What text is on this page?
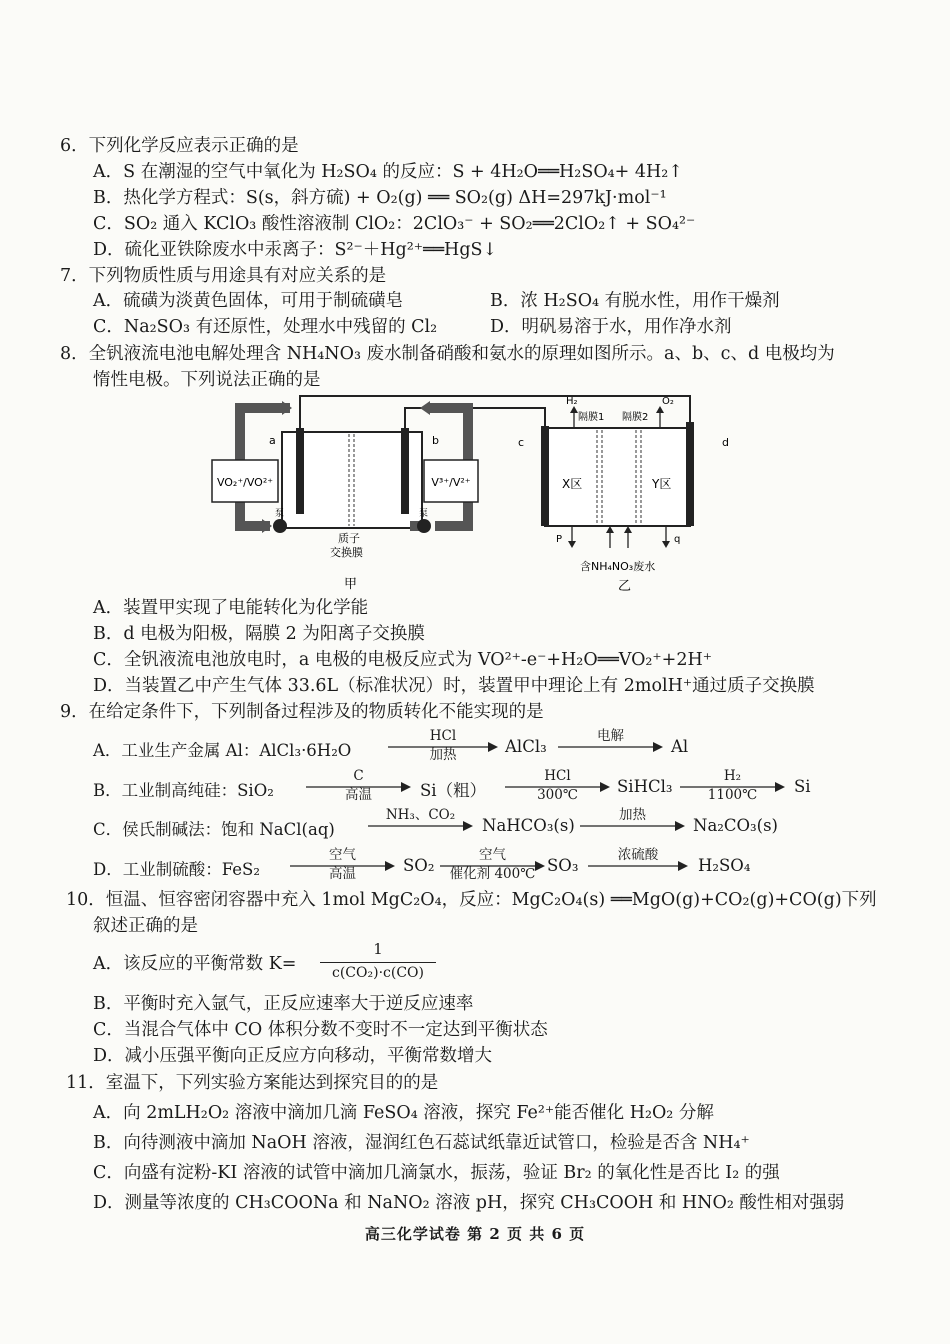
6．下列化学反应表示正确的是
A．S 在潮湿的空气中氧化为 H₂SO₄ 的反应：S + 4H₂O══H₂SO₄+ 4H₂↑
B．热化学方程式：S(s，斜方硫) + O₂(g) ══ SO₂(g) ΔH=297kJ·mol⁻¹
C．SO₂ 通入 KClO₃ 酸性溶液制 ClO₂：2ClO₃⁻ + SO₂══2ClO₂↑ + SO₄²⁻
D．硫化亚铁除废水中汞离子：S²⁻＋Hg²⁺══HgS↓
7．下列物质性质与用途具有对应关系的是
A．硫磺为淡黄色固体，可用于制硫磺皂	B．浓 H₂SO₄ 有脱水性，用作干燥剂
C．Na₂SO₃ 有还原性，处理水中残留的 Cl₂	D．明矾易溶于水，用作净水剂
8．全钒液流电池电解处理含 NH₄NO₃ 废水制备硝酸和氨水的原理如图所示。a、b、c、d 电极均为
惰性电极。下列说法正确的是
VO₂⁺/VO²⁺	V³⁺/V²⁺
泵	泵
a	b
质子
交换膜
甲
H₂	O₂
隔膜1 隔膜2
c	d
X区	Y区
P	q
含NH₄NO₃废水
乙
A．装置甲实现了电能转化为化学能
B．d 电极为阳极，隔膜 2 为阳离子交换膜
C．全钒液流电池放电时，a 电极的电极反应式为 VO²⁺-e⁻+H₂O══VO₂⁺+2H⁺
D．当装置乙中产生气体 33.6L（标准状况）时，装置甲中理论上有 2molH⁺通过质子交换膜
9．在给定条件下，下列制备过程涉及的物质转化不能实现的是
A．工业生产金属 Al：AlCl₃·6H₂O
HCl
加热	AlCl₃
电解
Al
B．工业制高纯硅：SiO₂
C
高温	Si（粗）
HCl
300℃	SiHCl₃
H₂
1100℃	Si
C．侯氏制碱法：饱和 NaCl(aq)
NH₃、CO₂
NaHCO₃(s)
加热
Na₂CO₃(s)
D．工业制硫酸：FeS₂
空气
高温	SO₂
空气
催化剂 400℃ SO₃
浓硫酸
H₂SO₄
10．恒温、恒容密闭容器中充入 1mol MgC₂O₄，反应：MgC₂O₄(s) ══MgO(g)+CO₂(g)+CO(g)下列
叙述正确的是
A．该反应的平衡常数 K=
1
c(CO₂)·c(CO)
B．平衡时充入氩气，正反应速率大于逆反应速率
C．当混合气体中 CO 体积分数不变时不一定达到平衡状态
D．减小压强平衡向正反应方向移动，平衡常数增大
11．室温下，下列实验方案能达到探究目的的是
A．向 2mLH₂O₂ 溶液中滴加几滴 FeSO₄ 溶液，探究 Fe²⁺能否催化 H₂O₂ 分解
B．向待测液中滴加 NaOH 溶液，湿润红色石蕊试纸靠近试管口，检验是否含 NH₄⁺
C．向盛有淀粉-KI 溶液的试管中滴加几滴氯水，振荡，验证 Br₂ 的氧化性是否比 I₂ 的强
D．测量等浓度的 CH₃COONa 和 NaNO₂ 溶液 pH，探究 CH₃COOH 和 HNO₂ 酸性相对强弱
高三化学试卷 第 2 页 共 6 页
